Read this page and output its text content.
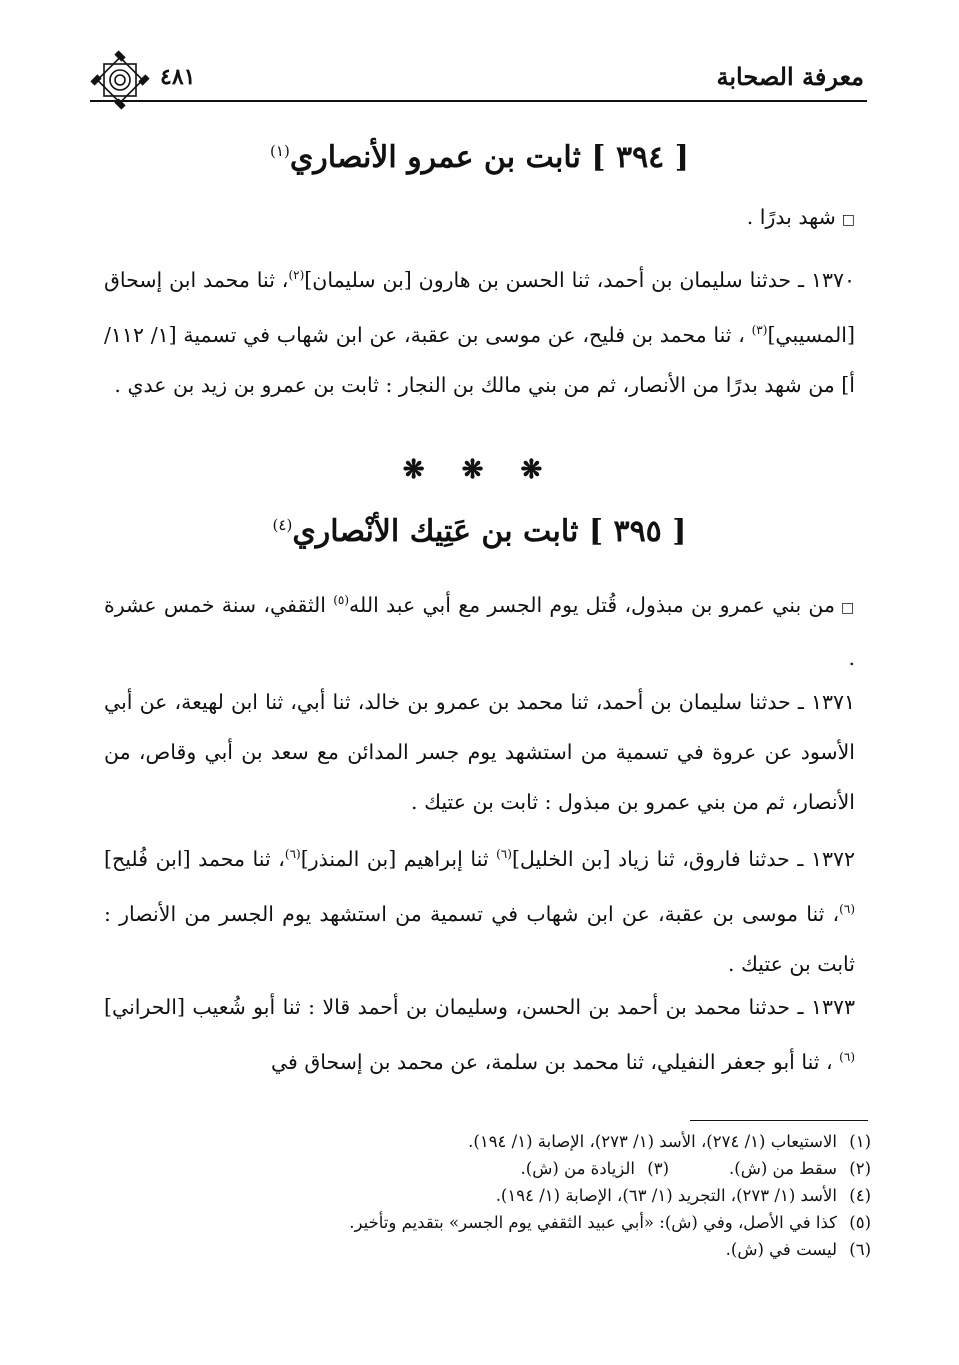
معرفة الصحابة
٤٨١
[ ٣٩٤ ] ثابت بن عمرو الأنصاري$^{(١)}$
□شهد بدرًا .
١٣٧٠ ـ حدثنا سليمان بن أحمد، ثنا الحسن بن هارون [بن سليمان]$^{(٢)}$، ثنا محمد ابن إسحاق [المسيبي]$^{(٣)}$ ، ثنا محمد بن فليح، عن موسى بن عقبة، عن ابن شهاب في تسمية [١/ ١١٢/ أ] من شهد بدرًا من الأنصار، ثم من بني مالك بن النجار : ثابت بن عمرو بن زيد بن عدي .
❋ ❋ ❋
[ ٣٩٥ ] ثابت بن عَتِيك الأنْصاري$^{(٤)}$
□من بني عمرو بن مبذول، قُتل يوم الجسر مع أبي عبد الله$^{(٥)}$ الثقفي، سنة خمس عشرة .
١٣٧١ ـ حدثنا سليمان بن أحمد، ثنا محمد بن عمرو بن خالد، ثنا أبي، ثنا ابن لهيعة، عن أبي الأسود عن عروة في تسمية من استشهد يوم جسر المدائن مع سعد بن أبي وقاص، من الأنصار، ثم من بني عمرو بن مبذول : ثابت بن عتيك .
١٣٧٢ ـ حدثنا فاروق، ثنا زياد [بن الخليل]$^{(٦)}$ ثنا إبراهيم [بن المنذر]$^{(٦)}$، ثنا محمد [ابن فُليح]$^{(٦)}$، ثنا موسى بن عقبة، عن ابن شهاب في تسمية من استشهد يوم الجسر من الأنصار : ثابت بن عتيك .
١٣٧٣ ـ حدثنا محمد بن أحمد بن الحسن، وسليمان بن أحمد قالا : ثنا أبو شُعيب [الحراني]$^{(٦)}$ ، ثنا أبو جعفر النفيلي، ثنا محمد بن سلمة، عن محمد بن إسحاق في
(١)الاستيعاب (١/ ٢٧٤)، الأسد (١/ ٢٧٣)، الإصابة (١/ ١٩٤).
(٢)سقط من (ش).(٣)الزيادة من (ش).
(٤)الأسد (١/ ٢٧٣)، التجريد (١/ ٦٣)، الإصابة (١/ ١٩٤).
(٥)كذا في الأصل، وفي (ش): «أبي عبيد الثقفي يوم الجسر» بتقديم وتأخير.
(٦)ليست في (ش).
